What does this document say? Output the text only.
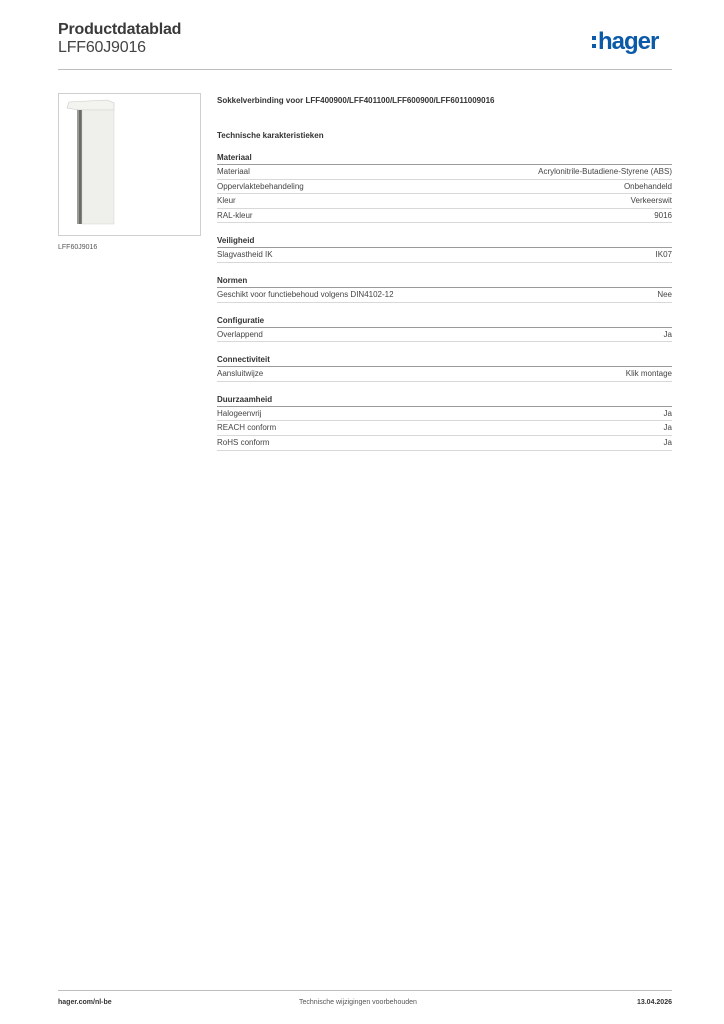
Productdatablad
LFF60J9016	hager
LFF60J9016

Sokkelverbinding voor LFF400900/LFF401100/LFF600900/LFF6011009016

Technische karakteristieken

Materiaal
Materiaal	Acrylonitrile-Butadiene-Styrene (ABS)
Oppervlaktebehandeling	Onbehandeld
Kleur	Verkeerswit
RAL-kleur	9016
Veiligheid
Slagvastheid IK	IK07
Normen
Geschikt voor functiebehoud volgens DIN4102-12	Nee
Configuratie
Overlappend	Ja
Connectiviteit
Aansluitwijze	Klik montage
Duurzaamheid
Halogeenvrij	Ja
REACH conform	Ja
RoHS conform	Ja
hager.com/nl-be	Technische wijzigingen voorbehouden	13.04.2026
